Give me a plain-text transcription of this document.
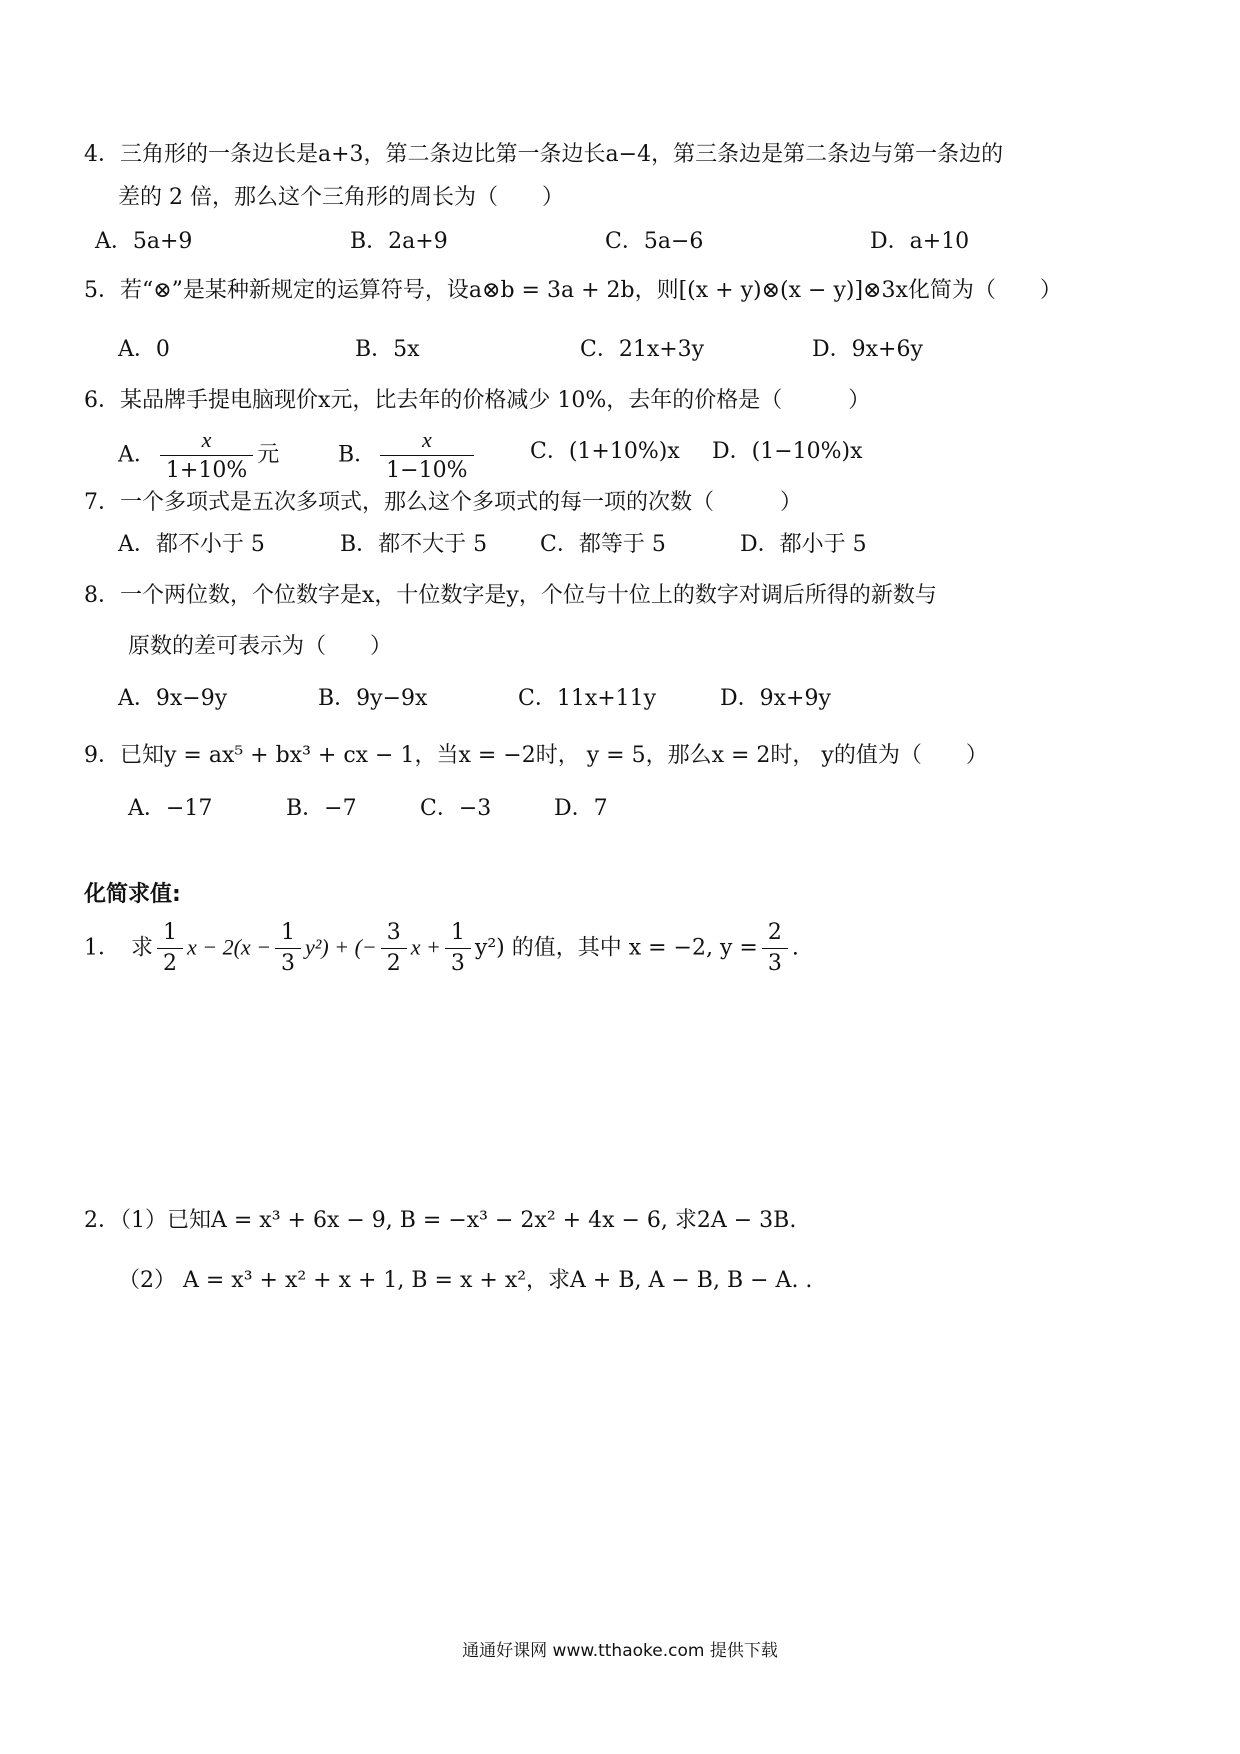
4．三角形的一条边长是a+3，第二条边比第一条边长a−4，第三条边是第二条边与第一条边的
差的 2 倍，那么这个三角形的周长为（　　）
A．5a+9	B．2a+9	C．5a−6	D．a+10
5．若“⊗”是某种新规定的运算符号，设a⊗b = 3a + 2b，则[(x + y)⊗(x − y)]⊗3x化简为（　　）
A．0	B．5x	C．21x+3y	D．9x+6y
6．某品牌手提电脑现价x元，比去年的价格减少 10%，去年的价格是（　　　）
A． $\frac{x}{1+10\%}$ 元	B． $\frac{x}{1-10\%}$	C．(1+10%)x D．(1−10%)x
7．一个多项式是五次多项式，那么这个多项式的每一项的次数（　　　）
A．都不小于 5	B．都不大于 5 C．都等于 5	D．都小于 5
8．一个两位数，个位数字是x，十位数字是y，个位与十位上的数字对调后所得的新数与
原数的差可表示为（　　）
A．9x−9y	B．9y−9x	C．11x+11y	D．9x+9y
9．已知y = ax⁵ + bx³ + cx − 1，当x = −2时， y = 5，那么x = 2时， y的值为（　　）
A．−17	B．−7	C．−3	D．7
化简求值:
1．　求 $\frac{1}{2}$ $x - 2(x - \frac{1}{3} y^2)$ + (− $\frac{3}{2}$ $x + \frac{1}{3} y^2$) 的值，其中 x = −2, $y = \frac{2}{3}$ .
2．（1）已知A = x³ + 6x − 9, B = −x³ − 2x² + 4x − 6, 求2A − 3B.
（2） A = x³ + x² + x + 1, B = x + x²，求A + B, A − B, B − A. .
通通好课网 www.tthaoke.com 提供下载
